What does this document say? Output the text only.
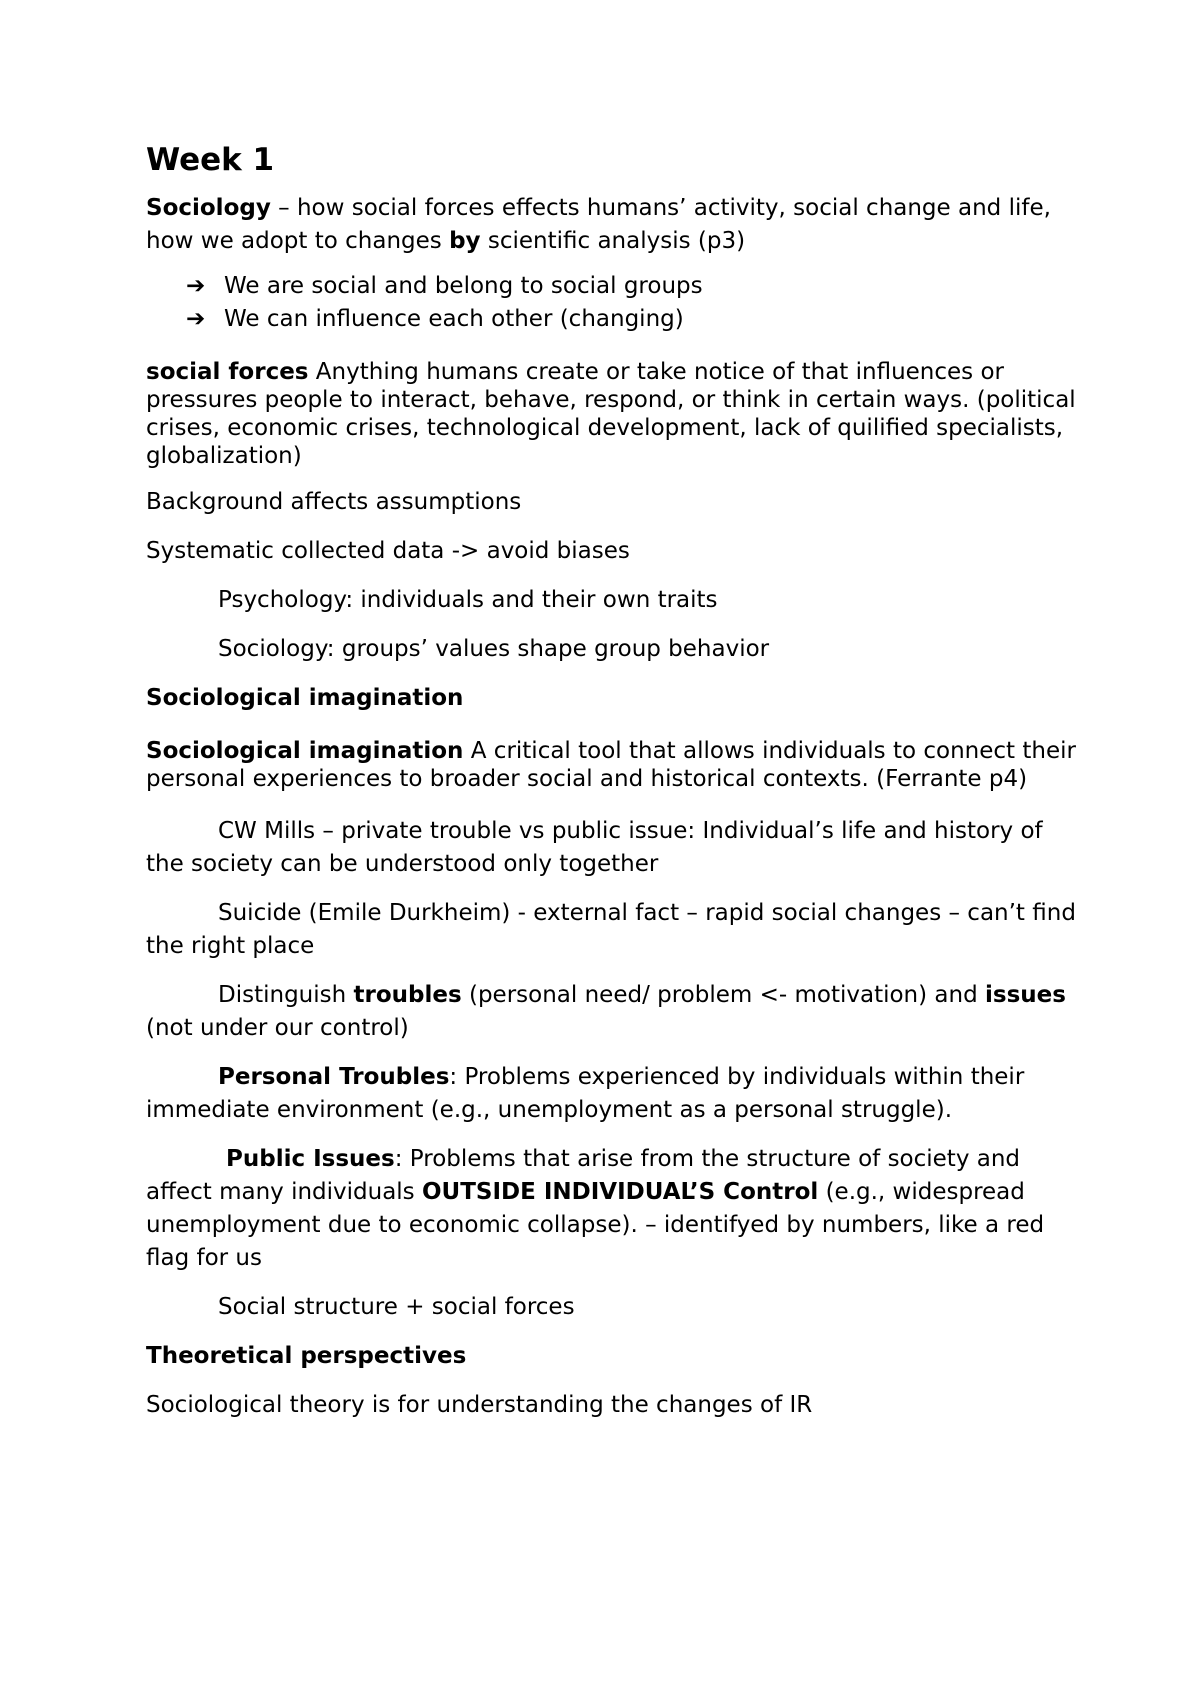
Week 1

Sociology – how social forces effects humans’ activity, social change and life, how we adopt to changes by scientific analysis (p3)

➔ We are social and belong to social groups
➔ We can influence each other (changing)

social forces Anything humans create or take notice of that influences or pressures people to interact, behave, respond, or think in certain ways. (political crises, economic crises, technological development, lack of quilified specialists, globalization)

Background affects assumptions

Systematic collected data -> avoid biases

Psychology: individuals and their own traits

Sociology: groups’ values shape group behavior

Sociological imagination

Sociological imagination A critical tool that allows individuals to connect their personal experiences to broader social and historical contexts. (Ferrante p4)

CW Mills – private trouble vs public issue: Individual’s life and history of the society can be understood only together

Suicide (Emile Durkheim) - external fact – rapid social changes – can’t find the right place

Distinguish troubles (personal need/ problem <- motivation) and issues (not under our control)

Personal Troubles: Problems experienced by individuals within their immediate environment (e.g., unemployment as a personal struggle).

Public Issues: Problems that arise from the structure of society and affect many individuals OUTSIDE INDIVIDUAL’S Control (e.g., widespread unemployment due to economic collapse). – identifyed by numbers, like a red flag for us

Social structure + social forces

Theoretical perspectives

Sociological theory is for understanding the changes of IR
